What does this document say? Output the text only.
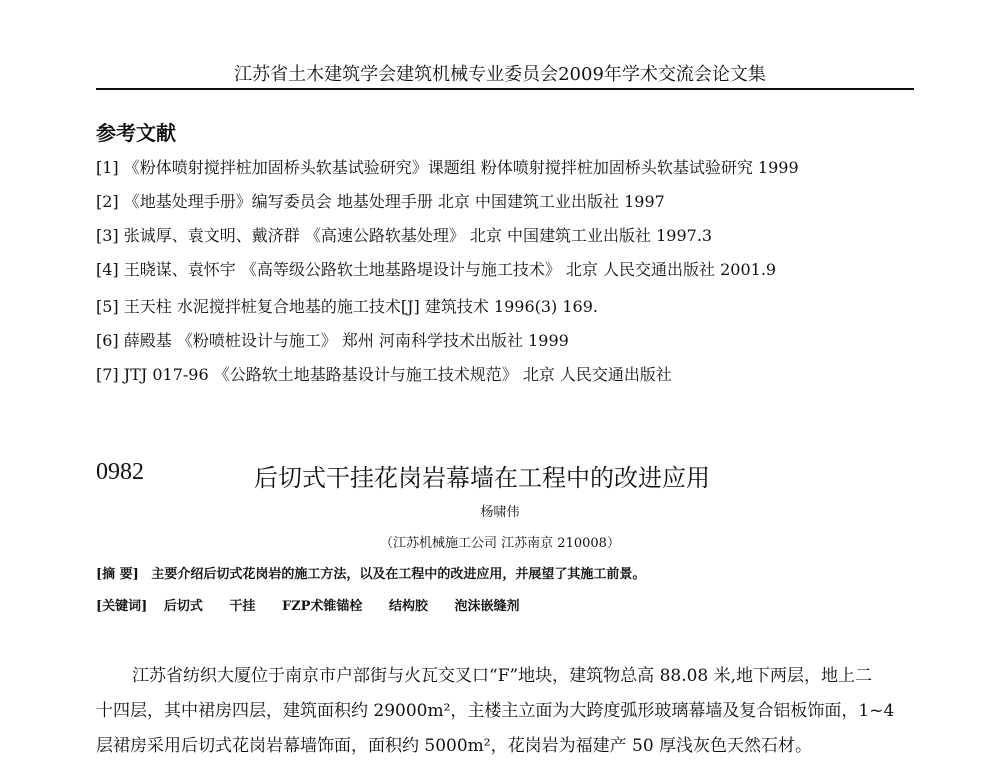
江苏省土木建筑学会建筑机械专业委员会2009年学术交流会论文集
参考文献
[1] 《粉体喷射搅拌桩加固桥头软基试验研究》课题组 粉体喷射搅拌桩加固桥头软基试验研究 1999
[2] 《地基处理手册》编写委员会 地基处理手册 北京 中国建筑工业出版社 1997
[3] 张诚厚、袁文明、戴济群 《高速公路软基处理》 北京 中国建筑工业出版社 1997.3
[4] 王晓谋、袁怀宇 《高等级公路软土地基路堤设计与施工技术》 北京 人民交通出版社 2001.9
[5] 王天柱 水泥搅拌桩复合地基的施工技术[J] 建筑技术 1996(3) 169.
[6] 薛殿基 《粉喷桩设计与施工》 郑州 河南科学技术出版社 1999
[7] JTJ 017-96 《公路软土地基路基设计与施工技术规范》 北京 人民交通出版社
0982	后切式干挂花岗岩幕墙在工程中的改进应用
杨啸伟
（江苏机械施工公司 江苏南京 210008）
[摘 要] 主要介绍后切式花岗岩的施工方法，以及在工程中的改进应用，并展望了其施工前景。
[关键词] 后切式 干挂 FZP术锥锚栓 结构胶 泡沫嵌缝剂
江苏省纺织大厦位于南京市户部街与火瓦交叉口“F”地块，建筑物总高 88.08 米,地下两层，地上二
十四层，其中裙房四层，建筑面积约 29000m²，主楼主立面为大跨度弧形玻璃幕墙及复合铝板饰面，1~4
层裙房采用后切式花岗岩幕墙饰面，面积约 5000m²，花岗岩为福建产 50 厚浅灰色天然石材。
